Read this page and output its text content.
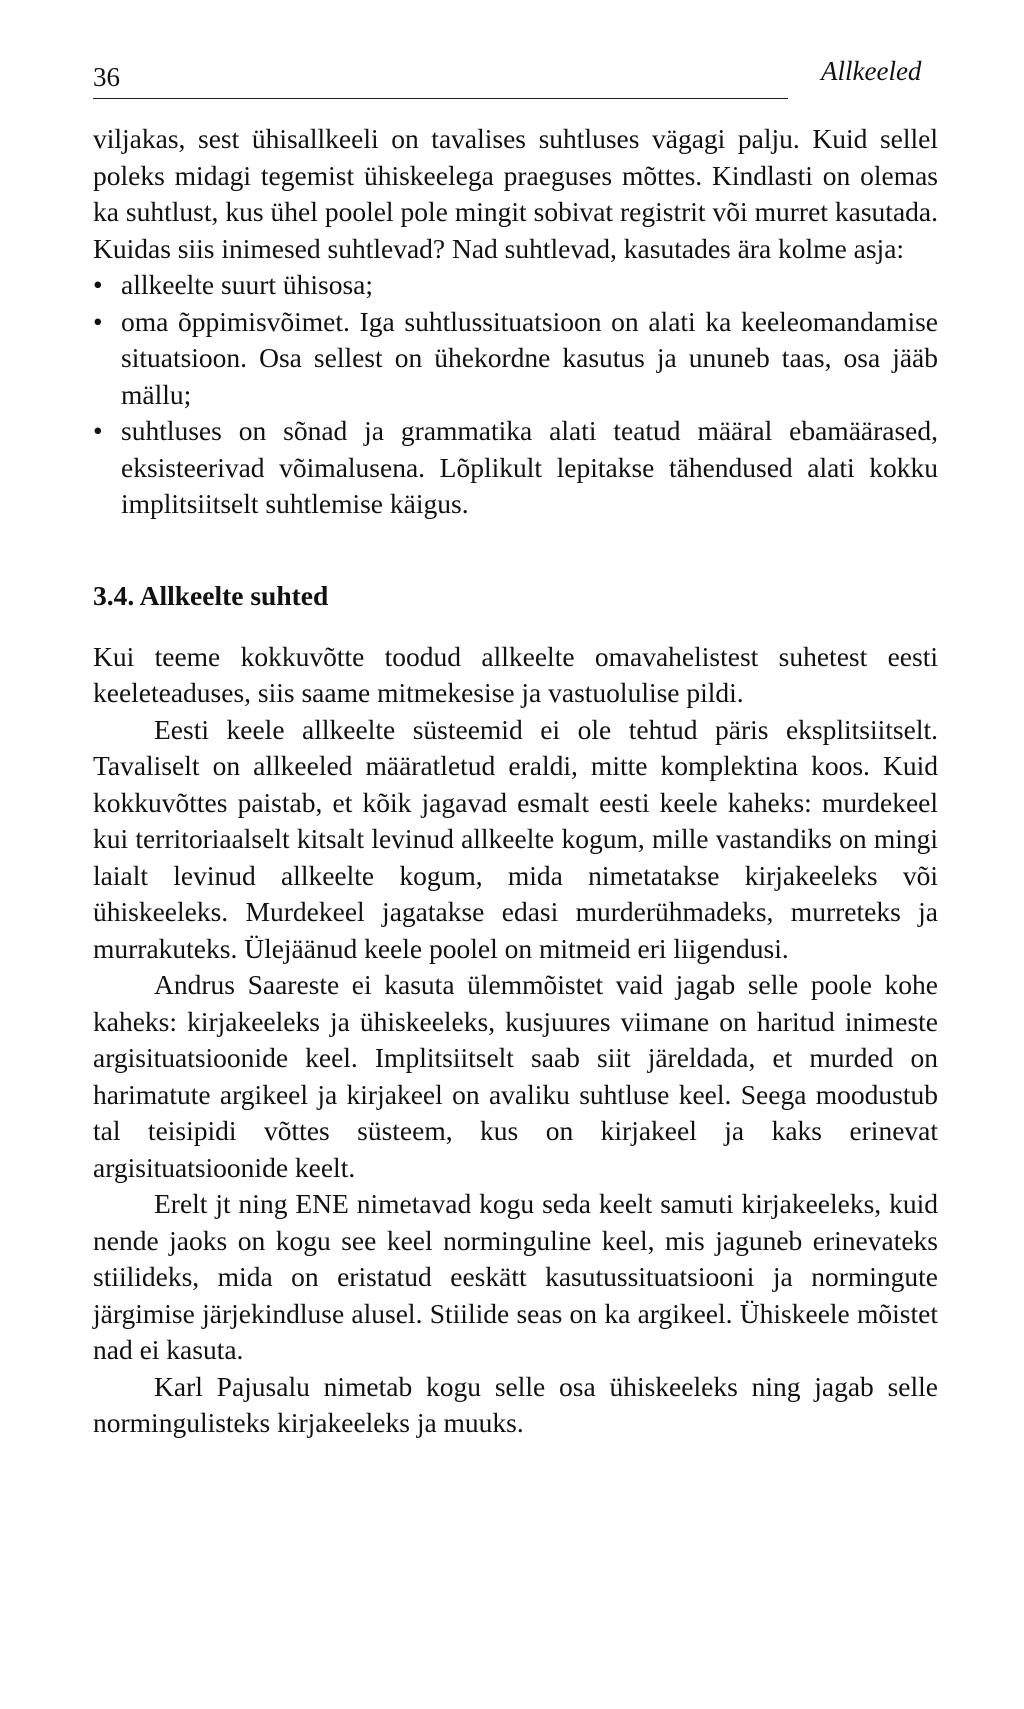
36	Allkeeled

viljakas, sest ühisallkeeli on tavalises suhtluses vägagi palju. Kuid sellel poleks midagi tegemist ühiskeelega praeguses mõttes. Kindlasti on olemas ka suhtlust, kus ühel poolel pole mingit sobivat registrit või murret kasutada. Kuidas siis inimesed suhtlevad? Nad suhtlevad, kasutades ära kolme asja:

• allkeelte suurt ühisosa;
• oma õppimisvõimet. Iga suhtlussituatsioon on alati ka keeleomandamise situatsioon. Osa sellest on ühekordne kasutus ja ununeb taas, osa jääb mällu;
• suhtluses on sõnad ja grammatika alati teatud määral ebamäärased, eksisteerivad võimalusena. Lõplikult lepitakse tähendused alati kokku implitsiitselt suhtlemise käigus.
3.4. Allkeelte suhted

Kui teeme kokkuvõtte toodud allkeelte omavahelistest suhetest eesti keeleteaduses, siis saame mitmekesise ja vastuolulise pildi.

Eesti keele allkeelte süsteemid ei ole tehtud päris eksplitsiitselt. Tavaliselt on allkeeled määratletud eraldi, mitte komplektina koos. Kuid kokkuvõttes paistab, et kõik jagavad esmalt eesti keele kaheks: murdekeel kui territoriaalselt kitsalt levinud allkeelte kogum, mille vastandiks on mingi laialt levinud allkeelte kogum, mida nimetatakse kirjakeeleks või ühiskeeleks. Murdekeel jagatakse edasi murderühmadeks, murreteks ja murrakuteks. Ülejäänud keele poolel on mitmeid eri liigendusi.

Andrus Saareste ei kasuta ülemmõistet vaid jagab selle poole kohe kaheks: kirjakeeleks ja ühiskeeleks, kusjuures viimane on haritud inimeste argisituatsioonide keel. Implitsiitselt saab siit järeldada, et murded on harimatute argikeel ja kirjakeel on avaliku suhtluse keel. Seega moodustub tal teisipidi võttes süsteem, kus on kirjakeel ja kaks erinevat argisituatsioonide keelt.

Erelt jt ning ENE nimetavad kogu seda keelt samuti kirjakeeleks, kuid nende jaoks on kogu see keel norminguline keel, mis jaguneb erinevateks stiilideks, mida on eristatud eeskätt kasutussituatsiooni ja normingute järgimise järjekindluse alusel. Stiilide seas on ka argikeel. Ühiskeele mõistet nad ei kasuta.

Karl Pajusalu nimetab kogu selle osa ühiskeeleks ning jagab selle normingulisteks kirjakeeleks ja muuks.
